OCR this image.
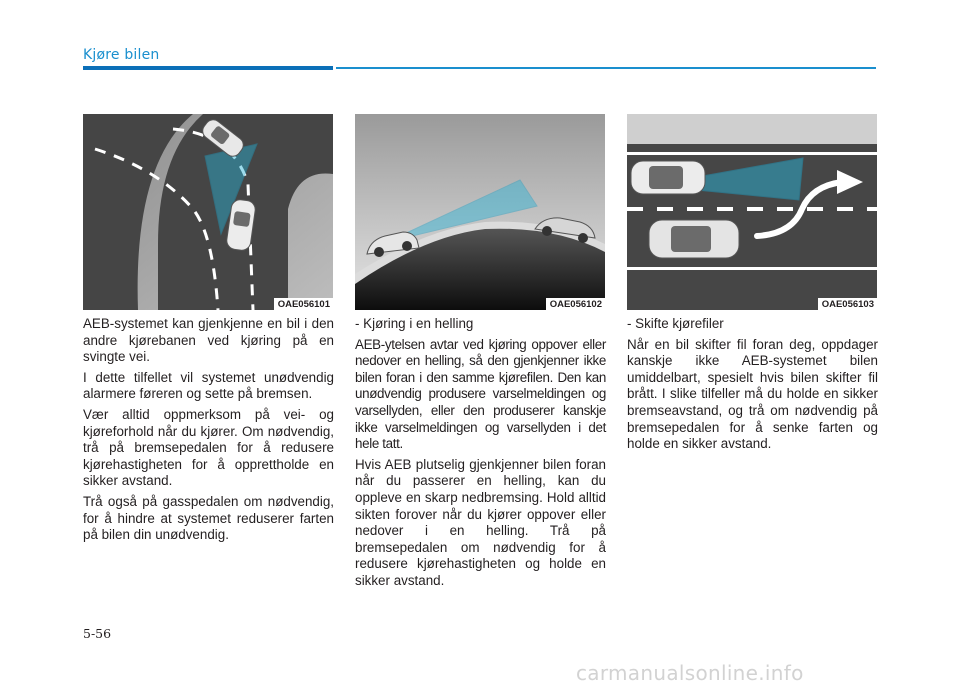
Kjøre bilen
OAE056101	OAE056102	OAE056103

AEB-systemet kan gjenkjenne en bil i den andre kjørebanen ved kjøring på en svingte vei.

I dette tilfellet vil systemet unødvendig alarmere føreren og sette på bremsen.

Vær alltid oppmerksom på vei- og kjøreforhold når du kjører. Om nødvendig, trå på bremsepedalen for å redusere kjørehastigheten for å opprettholde en sikker avstand.

Trå også på gasspedalen om nødvendig, for å hindre at systemet reduserer farten på bilen din unødvendig.

- Kjøring i en helling

AEB-ytelsen avtar ved kjøring oppover eller nedover en helling, så den gjenkjenner ikke bilen foran i den samme kjørefilen. Den kan unødvendig produsere varselmeldingen og varsellyden, eller den produserer kanskje ikke varselmeldingen og varsellyden i det hele tatt.

Hvis AEB plutselig gjenkjenner bilen foran når du passerer en helling, kan du oppleve en skarp nedbremsing. Hold alltid sikten forover når du kjører oppover eller nedover i en helling. Trå på bremsepedalen om nødvendig for å redusere kjørehastigheten og holde en sikker avstand.

- Skifte kjørefiler

Når en bil skifter fil foran deg, oppdager kanskje ikke AEB-systemet bilen umiddelbart, spesielt hvis bilen skifter fil brått. I slike tilfeller må du holde en sikker bremseavstand, og trå om nødvendig på bremsepedalen for å senke farten og holde en sikker avstand.

5-56
carmanualsonline.info
